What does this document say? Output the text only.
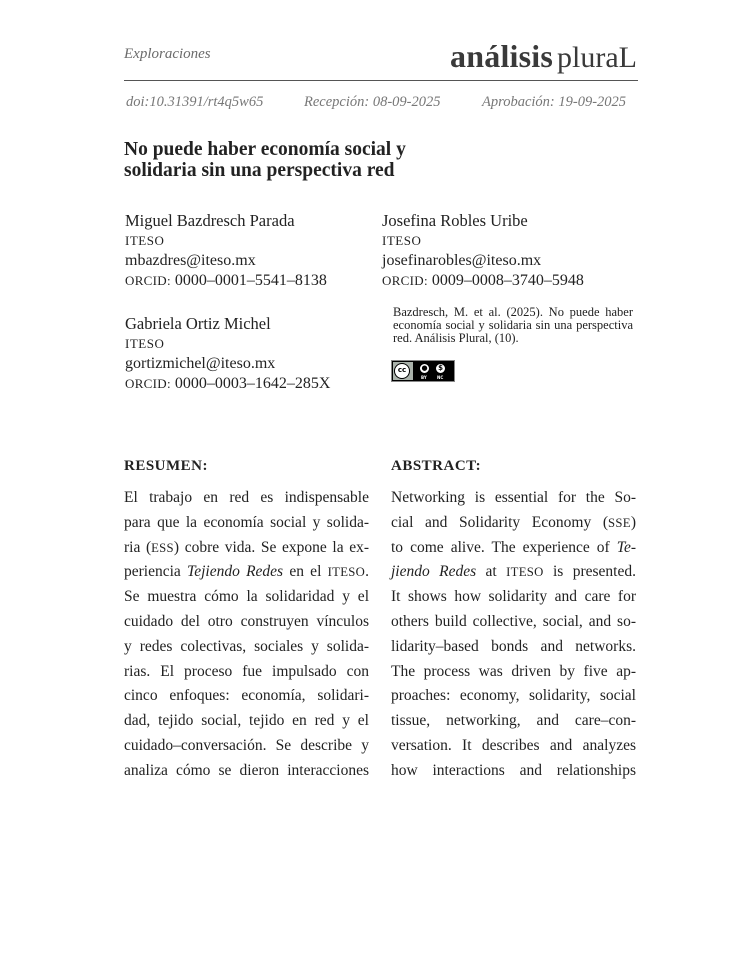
Exploraciones	análisis pluraL
doi:10.31391/rt4q5w65	Recepción: 08-09-2025	Aprobación: 19-09-2025
No puede haber economía social y
solidaria sin una perspectiva red
Miguel Bazdresch Parada
ITESO
mbazdres@iteso.mx
ORCID: 0000–0001–5541–8138
Josefina Robles Uribe
ITESO
josefinarobles@iteso.mx
ORCID: 0009–0008–3740–5948
Gabriela Ortiz Michel
ITESO
gortizmichel@iteso.mx
ORCID: 0000–0003–1642–285X
Bazdresch, M. et al. (2025). No puede haber economía social y solidaria sin una perspectiva red. Análisis Plural, (10).
cc	●	$
BY	NC
RESUMEN:	ABSTRACT:
El trabajo en red es indispensable
para que la economía social y solida-
ria (ESS) cobre vida. Se expone la ex-
periencia Tejiendo Redes en el ITESO.
Se muestra cómo la solidaridad y el
cuidado del otro construyen vínculos
y redes colectivas, sociales y solida-
rias. El proceso fue impulsado con
cinco enfoques: economía, solidari-
dad, tejido social, tejido en red y el
cuidado–conversación. Se describe y
analiza cómo se dieron interacciones
Networking is essential for the So-
cial and Solidarity Economy (SSE)
to come alive. The experience of Te-
jiendo Redes at ITESO is presented.
It shows how solidarity and care for
others build collective, social, and so-
lidarity–based bonds and networks.
The process was driven by five ap-
proaches: economy, solidarity, social
tissue, networking, and care–con-
versation. It describes and analyzes
how interactions and relationships
